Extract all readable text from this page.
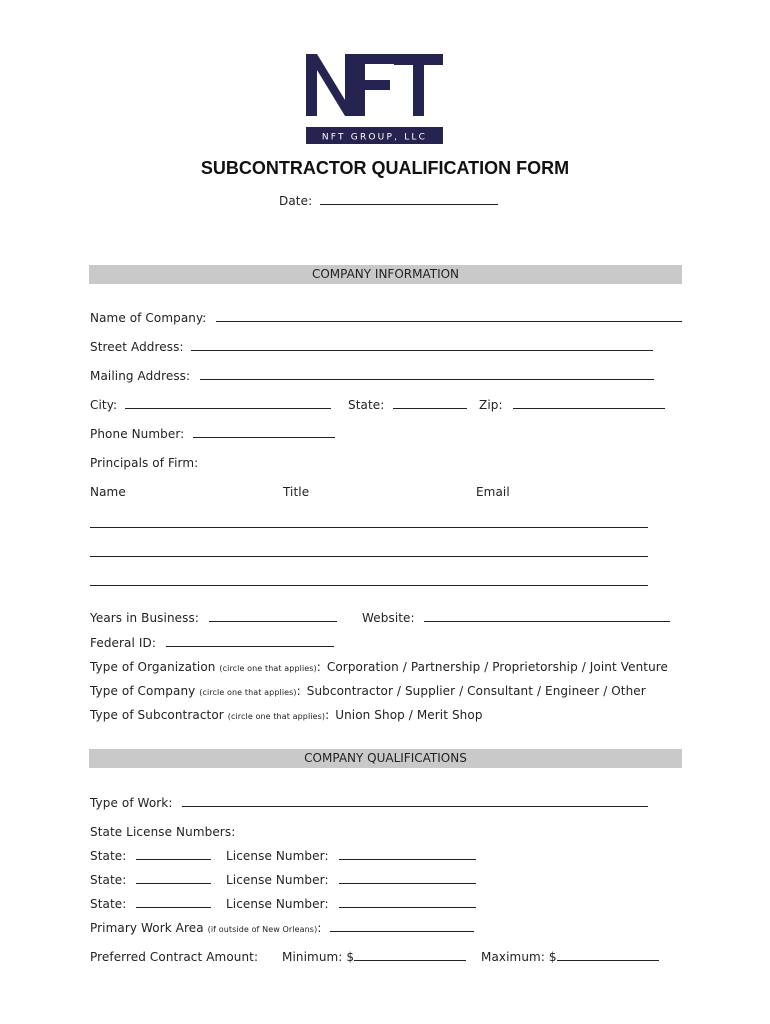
NFT GROUP, LLC
SUBCONTRACTOR QUALIFICATION FORM
Date:
COMPANY INFORMATION
Name of Company:
Street Address:
Mailing Address:
City:	State:	Zip:
Phone Number:
Principals of Firm:
Name	Title	Email
Years in Business:	Website:
Federal ID:
Type of Organization (circle one that applies): Corporation / Partnership / Proprietorship / Joint Venture
Type of Company (circle one that applies): Subcontractor / Supplier / Consultant / Engineer / Other
Type of Subcontractor (circle one that applies): Union Shop / Merit Shop
COMPANY QUALIFICATIONS
Type of Work:
State License Numbers:
State:	License Number:
State:	License Number:
State:	License Number:
Primary Work Area (if outside of New Orleans):
Preferred Contract Amount: Minimum: $	Maximum: $
